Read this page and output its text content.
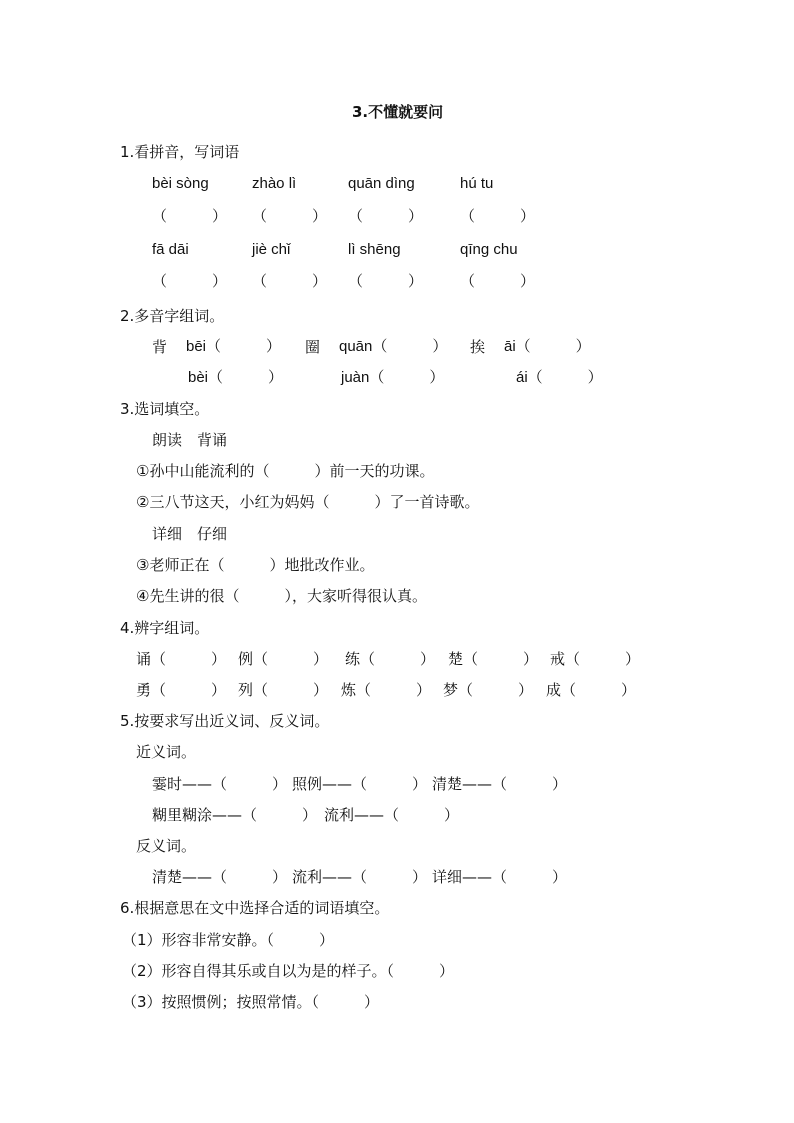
3.不懂就要问
1.看拼音，写词语
bèi sòng	zhào lì	quān dìng	hú tu
（　　　） （　　　） （　　　） （　　　）
fā dāi	jiè chǐ	lì shēng	qīng chu
（　　　） （　　　） （　　　） （　　　）
2.多音字组词。
背 bēi（　　　） 圈 quān（　　　） 挨 āi（　　　）
bèi（　　　）	juàn（　　　）	ái（　　　）
3.选词填空。
朗读　背诵
①孙中山能流利的（　　　）前一天的功课。
②三八节这天，小红为妈妈（　　　）了一首诗歌。
详细　仔细
③老师正在（　　　）地批改作业。
④先生讲的很（　　　），大家听得很认真。
4.辨字组词。
诵（　　　） 例（　　　） 练（　　　） 楚（　　　） 戒（　　　）
勇（　　　） 列（　　　） 炼（　　　） 梦（　　　） 成（　　　）
5.按要求写出近义词、反义词。
近义词。
霎时——（　　　） 照例——（　　　） 清楚——（　　　）
糊里糊涂——（　　　） 流利——（　　　）
反义词。
清楚——（　　　） 流利——（　　　） 详细——（　　　）
6.根据意思在文中选择合适的词语填空。
（1）形容非常安静。（　　　）
（2）形容自得其乐或自以为是的样子。（　　　）
（3）按照惯例；按照常情。（　　　）
